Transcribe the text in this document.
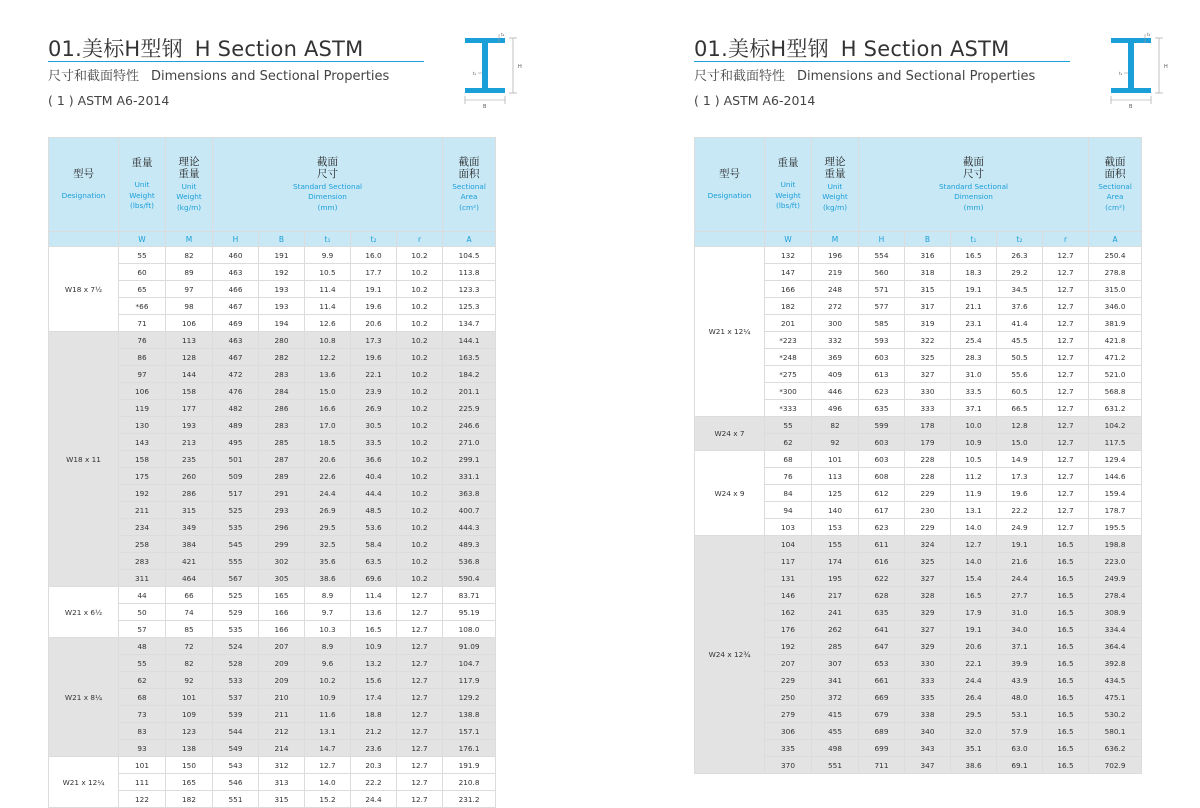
01.美标H型钢 H Section ASTM
尺寸和截面特性 Dimensions and Sectional Properties
( 1 ) ASTM A6-2014
H
B
t₁
t₂
型号
Designation	重量
Unit
Weight
(lbs/ft)	理论
重量
Unit
Weight
(kg/m)	截面
尺寸
Standard Sectional
Dimension
(mm)					截面
面积
Sectional
Area
(cm²)

	W	M	H	B	t₁	t₂	r	A
W18 x 7½	55	82	460	191	9.9	16.0	10.2	104.5
	60	89	463	192	10.5	17.7	10.2	113.8
	65	97	466	193	11.4	19.1	10.2	123.3
	*66	98	467	193	11.4	19.6	10.2	125.3
	71	106	469	194	12.6	20.6	10.2	134.7
W18 x 11	76	113	463	280	10.8	17.3	10.2	144.1
	86	128	467	282	12.2	19.6	10.2	163.5
	97	144	472	283	13.6	22.1	10.2	184.2
	106	158	476	284	15.0	23.9	10.2	201.1
	119	177	482	286	16.6	26.9	10.2	225.9
	130	193	489	283	17.0	30.5	10.2	246.6
	143	213	495	285	18.5	33.5	10.2	271.0
	158	235	501	287	20.6	36.6	10.2	299.1
	175	260	509	289	22.6	40.4	10.2	331.1
	192	286	517	291	24.4	44.4	10.2	363.8
	211	315	525	293	26.9	48.5	10.2	400.7
	234	349	535	296	29.5	53.6	10.2	444.3
	258	384	545	299	32.5	58.4	10.2	489.3
	283	421	555	302	35.6	63.5	10.2	536.8
	311	464	567	305	38.6	69.6	10.2	590.4
W21 x 6½	44	66	525	165	8.9	11.4	12.7	83.71
	50	74	529	166	9.7	13.6	12.7	95.19
	57	85	535	166	10.3	16.5	12.7	108.0
W21 x 8¼	48	72	524	207	8.9	10.9	12.7	91.09
	55	82	528	209	9.6	13.2	12.7	104.7
	62	92	533	209	10.2	15.6	12.7	117.9
	68	101	537	210	10.9	17.4	12.7	129.2
	73	109	539	211	11.6	18.8	12.7	138.8
	83	123	544	212	13.1	21.2	12.7	157.1
	93	138	549	214	14.7	23.6	12.7	176.1
W21 x 12¼	101	150	543	312	12.7	20.3	12.7	191.9
	111	165	546	313	14.0	22.2	12.7	210.8
	122	182	551	315	15.2	24.4	12.7	231.2
01.美标H型钢 H Section ASTM
尺寸和截面特性 Dimensions and Sectional Properties
( 1 ) ASTM A6-2014
H
B
t₁
t₂
型号
Designation	重量
Unit
Weight
(lbs/ft)	理论
重量
Unit
Weight
(kg/m)	截面
尺寸
Standard Sectional
Dimension
(mm)					截面
面积
Sectional
Area
(cm²)

	W	M	H	B	t₁	t₂	r	A
W21 x 12¼	132	196	554	316	16.5	26.3	12.7	250.4
	147	219	560	318	18.3	29.2	12.7	278.8
	166	248	571	315	19.1	34.5	12.7	315.0
	182	272	577	317	21.1	37.6	12.7	346.0
	201	300	585	319	23.1	41.4	12.7	381.9
	*223	332	593	322	25.4	45.5	12.7	421.8
	*248	369	603	325	28.3	50.5	12.7	471.2
	*275	409	613	327	31.0	55.6	12.7	521.0
	*300	446	623	330	33.5	60.5	12.7	568.8
	*333	496	635	333	37.1	66.5	12.7	631.2
W24 x 7	55	82	599	178	10.0	12.8	12.7	104.2
	62	92	603	179	10.9	15.0	12.7	117.5
W24 x 9	68	101	603	228	10.5	14.9	12.7	129.4
	76	113	608	228	11.2	17.3	12.7	144.6
	84	125	612	229	11.9	19.6	12.7	159.4
	94	140	617	230	13.1	22.2	12.7	178.7
	103	153	623	229	14.0	24.9	12.7	195.5
W24 x 12¾	104	155	611	324	12.7	19.1	16.5	198.8
	117	174	616	325	14.0	21.6	16.5	223.0
	131	195	622	327	15.4	24.4	16.5	249.9
	146	217	628	328	16.5	27.7	16.5	278.4
	162	241	635	329	17.9	31.0	16.5	308.9
	176	262	641	327	19.1	34.0	16.5	334.4
	192	285	647	329	20.6	37.1	16.5	364.4
	207	307	653	330	22.1	39.9	16.5	392.8
	229	341	661	333	24.4	43.9	16.5	434.5
	250	372	669	335	26.4	48.0	16.5	475.1
	279	415	679	338	29.5	53.1	16.5	530.2
	306	455	689	340	32.0	57.9	16.5	580.1
	335	498	699	343	35.1	63.0	16.5	636.2
	370	551	711	347	38.6	69.1	16.5	702.9
